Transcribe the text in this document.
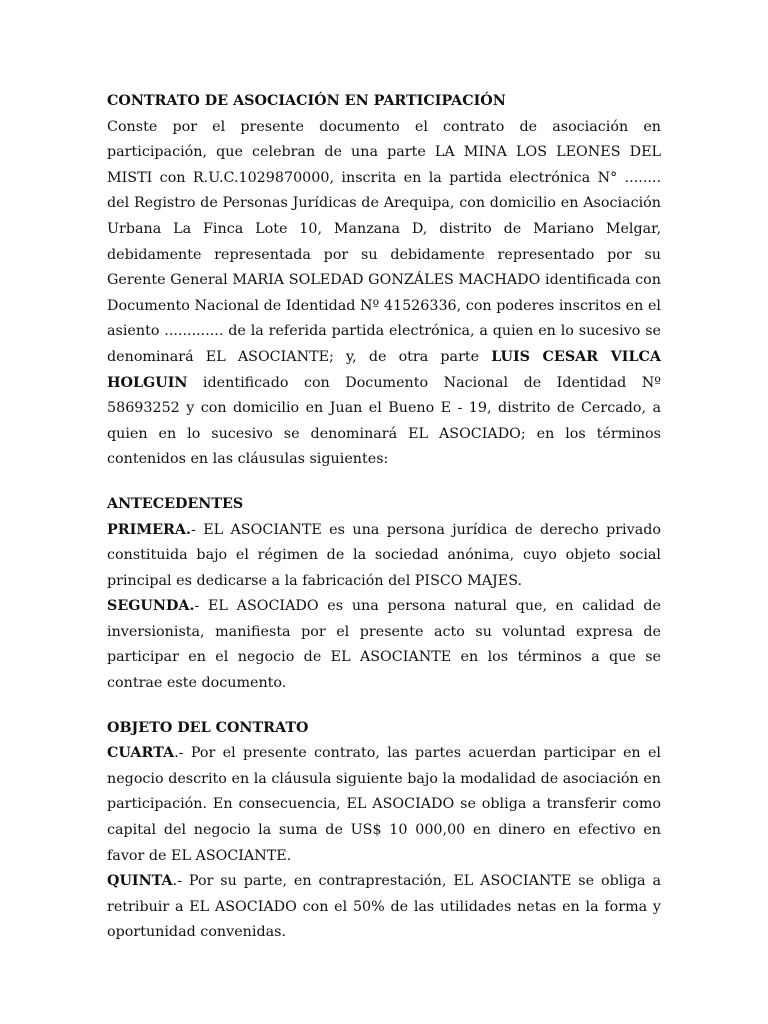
CONTRATO DE ASOCIACIÓN EN PARTICIPACIÓN

Conste por el presente documento el contrato de asociación en participación, que celebran de una parte LA MINA LOS LEONES DEL MISTI con R.U.C.1029870000, inscrita en la partida electrónica N° ........ del Registro de Personas Jurídicas de Arequipa, con domicilio en Asociación Urbana La Finca Lote 10, Manzana D, distrito de Mariano Melgar, debidamente representada por su debidamente representado por su Gerente General MARIA SOLEDAD GONZÁLES MACHADO identificada con Documento Nacional de Identidad Nº 41526336, con poderes inscritos en el asiento ............. de la referida partida electrónica, a quien en lo sucesivo se denominará EL ASOCIANTE; y, de otra parte LUIS CESAR VILCA HOLGUIN identificado con Documento Nacional de Identidad Nº 58693252 y con domicilio en Juan el Bueno E - 19, distrito de Cercado, a quien en lo sucesivo se denominará EL ASOCIADO; en los términos contenidos en las cláusulas siguientes:

ANTECEDENTES

PRIMERA.- EL ASOCIANTE es una persona jurídica de derecho privado constituida bajo el régimen de la sociedad anónima, cuyo objeto social principal es dedicarse a la fabricación del PISCO MAJES.

SEGUNDA.- EL ASOCIADO es una persona natural que, en calidad de inversionista, manifiesta por el presente acto su voluntad expresa de participar en el negocio de EL ASOCIANTE en los términos a que se contrae este documento.

OBJETO DEL CONTRATO

CUARTA.- Por el presente contrato, las partes acuerdan participar en el negocio descrito en la cláusula siguiente bajo la modalidad de asociación en participación. En consecuencia, EL ASOCIADO se obliga a transferir como capital del negocio la suma de US$ 10 000,00 en dinero en efectivo en favor de EL ASOCIANTE.

QUINTA.- Por su parte, en contraprestación, EL ASOCIANTE se obliga a retribuir a EL ASOCIADO con el 50% de las utilidades netas en la forma y oportunidad convenidas.
